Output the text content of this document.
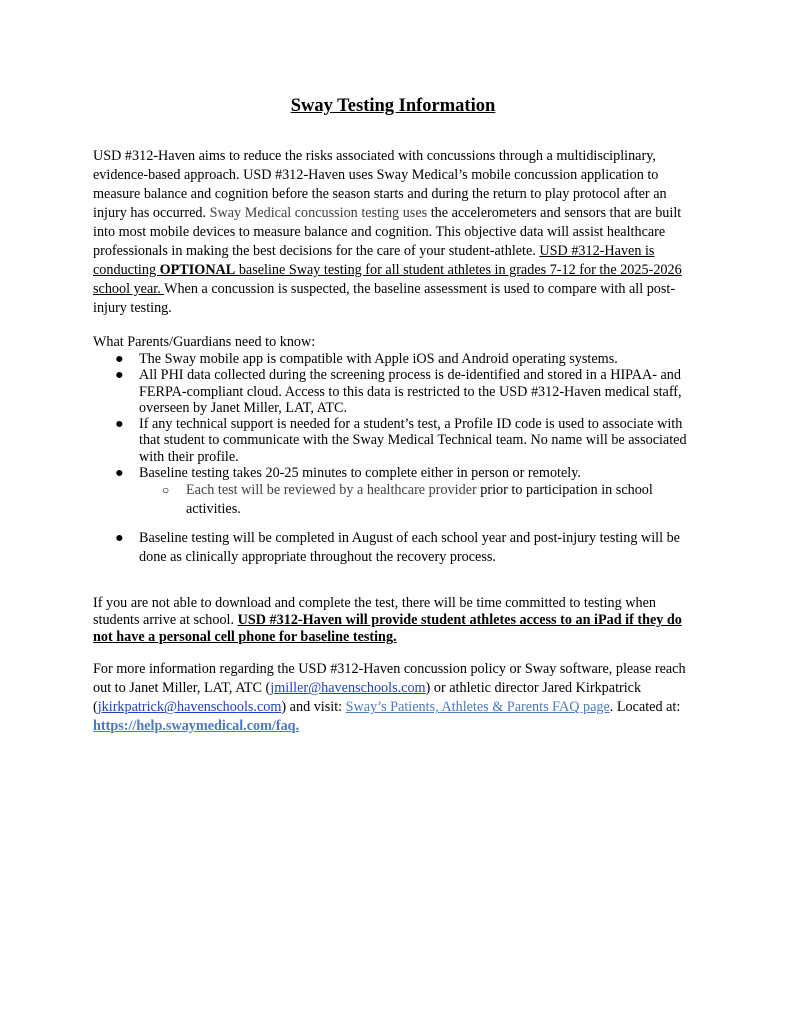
Sway Testing Information

USD #312-Haven aims to reduce the risks associated with concussions through a multidisciplinary, evidence-based approach. USD #312-Haven uses Sway Medical’s mobile concussion application to measure balance and cognition before the season starts and during the return to play protocol after an injury has occurred. Sway Medical concussion testing uses the accelerometers and sensors that are built into most mobile devices to measure balance and cognition. This objective data will assist healthcare professionals in making the best decisions for the care of your student-athlete. USD #312-Haven is conducting OPTIONAL baseline Sway testing for all student athletes in grades 7-12 for the 2025-2026 school year. When a concussion is suspected, the baseline assessment is used to compare with all post-injury testing.

What Parents/Guardians need to know:

● The Sway mobile app is compatible with Apple iOS and Android operating systems.
● All PHI data collected during the screening process is de-identified and stored in a HIPAA- and FERPA-compliant cloud. Access to this data is restricted to the USD #312-Haven medical staff, overseen by Janet Miller, LAT, ATC.
● If any technical support is needed for a student’s test, a Profile ID code is used to associate with that student to communicate with the Sway Medical Technical team. No name will be associated with their profile.
● Baseline testing takes 20-25 minutes to complete either in person or remotely.
○ Each test will be reviewed by a healthcare provider prior to participation in school activities.
● Baseline testing will be completed in August of each school year and post-injury testing will be done as clinically appropriate throughout the recovery process.

If you are not able to download and complete the test, there will be time committed to testing when students arrive at school. USD #312-Haven will provide student athletes access to an iPad if they do not have a personal cell phone for baseline testing.

For more information regarding the USD #312-Haven concussion policy or Sway software, please reach out to Janet Miller, LAT, ATC (jmiller@havenschools.com) or athletic director Jared Kirkpatrick (jkirkpatrick@havenschools.com) and visit: Sway’s Patients, Athletes & Parents FAQ page. Located at: https://help.swaymedical.com/faq.
